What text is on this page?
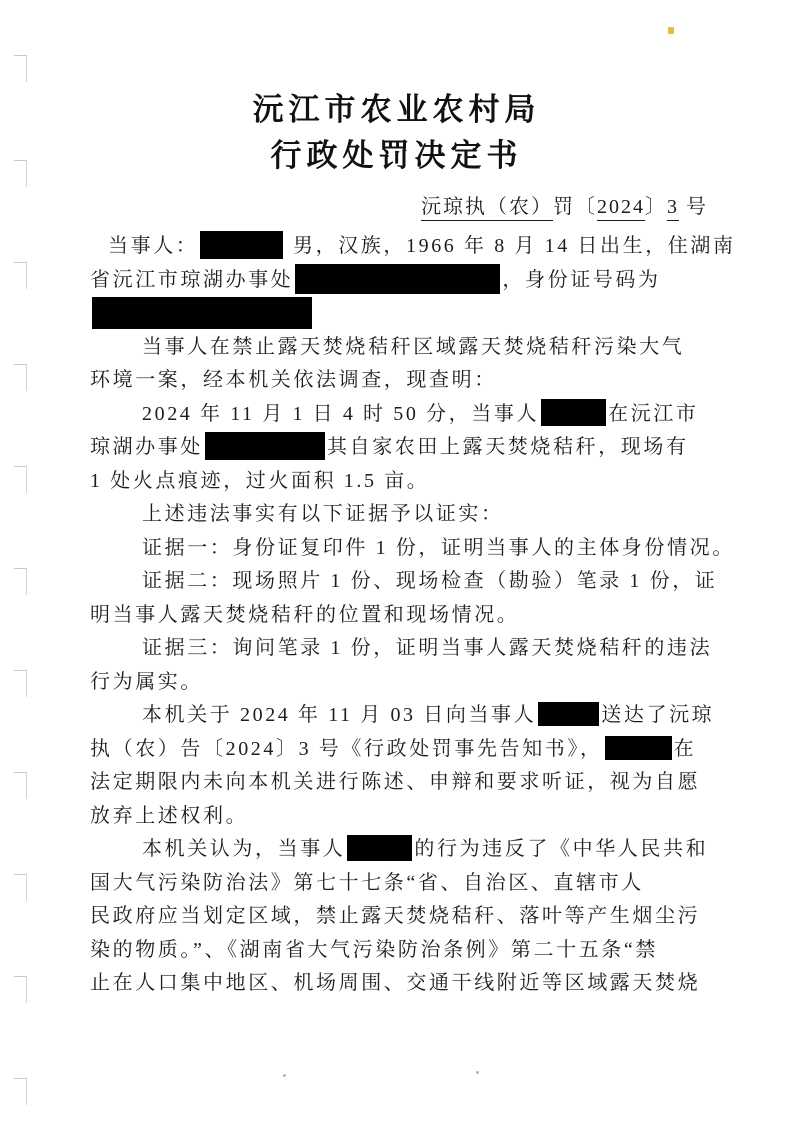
沅江市农业农村局
行政处罚决定书
沅琼执（农）罚〔2024〕3 号
当事人：	男，汉族，1966 年 8 月 14 日出生，住湖南
省沅江市琼湖办事处	，身份证号码为
当事人在禁止露天焚烧秸秆区域露天焚烧秸秆污染大气
环境一案，经本机关依法调查，现查明：
2024 年 11 月 1 日 4 时 50 分，当事人	在沅江市
琼湖办事处	其自家农田上露天焚烧秸秆，现场有
1 处火点痕迹，过火面积 1.5 亩。
上述违法事实有以下证据予以证实：
证据一：身份证复印件 1 份，证明当事人的主体身份情况。
证据二：现场照片 1 份、现场检查（勘验）笔录 1 份，证
明当事人露天焚烧秸秆的位置和现场情况。
证据三：询问笔录 1 份，证明当事人露天焚烧秸秆的违法
行为属实。
本机关于 2024 年 11 月 03 日向当事人	送达了沅琼
执（农）告〔2024〕3 号《行政处罚事先告知书》，	在
法定期限内未向本机关进行陈述、申辩和要求听证，视为自愿
放弃上述权利。
本机关认为，当事人	的行为违反了《中华人民共和
国大气污染防治法》第七十七条“省、自治区、直辖市人
民政府应当划定区域，禁止露天焚烧秸秆、落叶等产生烟尘污
染的物质。”、《湖南省大气污染防治条例》第二十五条“禁
止在人口集中地区、机场周围、交通干线附近等区域露天焚烧
